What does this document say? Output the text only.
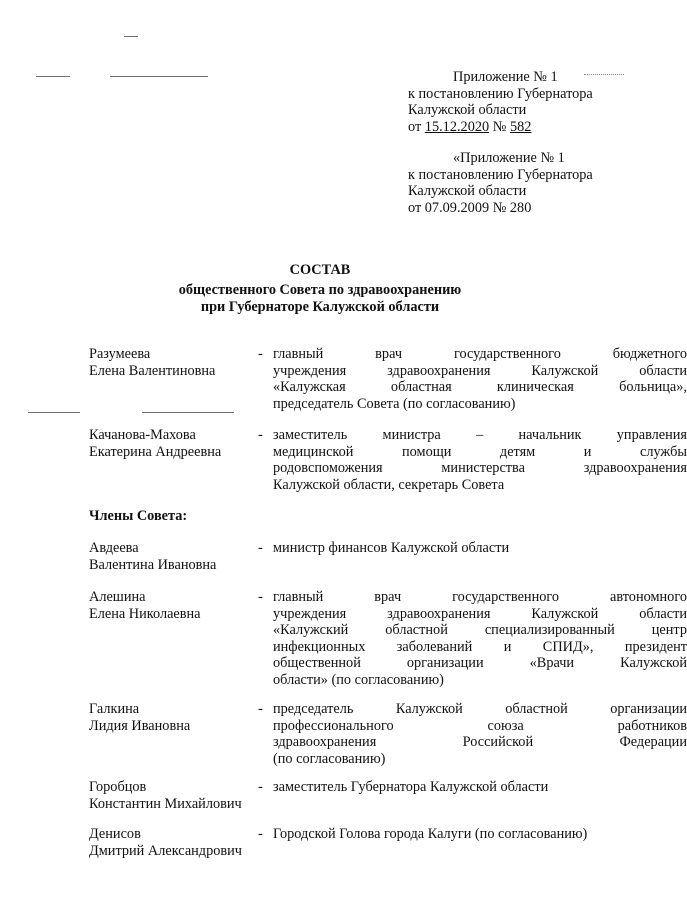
Приложение № 1
к постановлению Губернатора
Калужской области
от 15.12.2020 № 582
«Приложение № 1
к постановлению Губернатора
Калужской области
от 07.09.2009 № 280
СОСТАВ
общественного Совета по здравоохранению
при Губернаторе Калужской области
Разумеева
Елена Валентиновна
- главный врач государственного бюджетного
учреждения здравоохранения Калужской области
«Калужская областная клиническая больница»,
председатель Совета (по согласованию)
Качанова-Махова
Екатерина Андреевна
- заместитель министра – начальник управления
медицинской помощи детям и службы
родовспоможения министерства здравоохранения
Калужской области, секретарь Совета
Члены Совета:
Авдеева
Валентина Ивановна
- министр финансов Калужской области
Алешина
Елена Николаевна
- главный врач государственного автономного
учреждения здравоохранения Калужской области
«Калужский областной специализированный центр
инфекционных заболеваний и СПИД», президент
общественной организации «Врачи Калужской
области» (по согласованию)
Галкина
Лидия Ивановна
- председатель Калужской областной организации
профессионального союза работников
здравоохранения Российской Федерации
(по согласованию)
Горобцов
Константин Михайлович
- заместитель Губернатора Калужской области
Денисов
Дмитрий Александрович
- Городской Голова города Калуги (по согласованию)
